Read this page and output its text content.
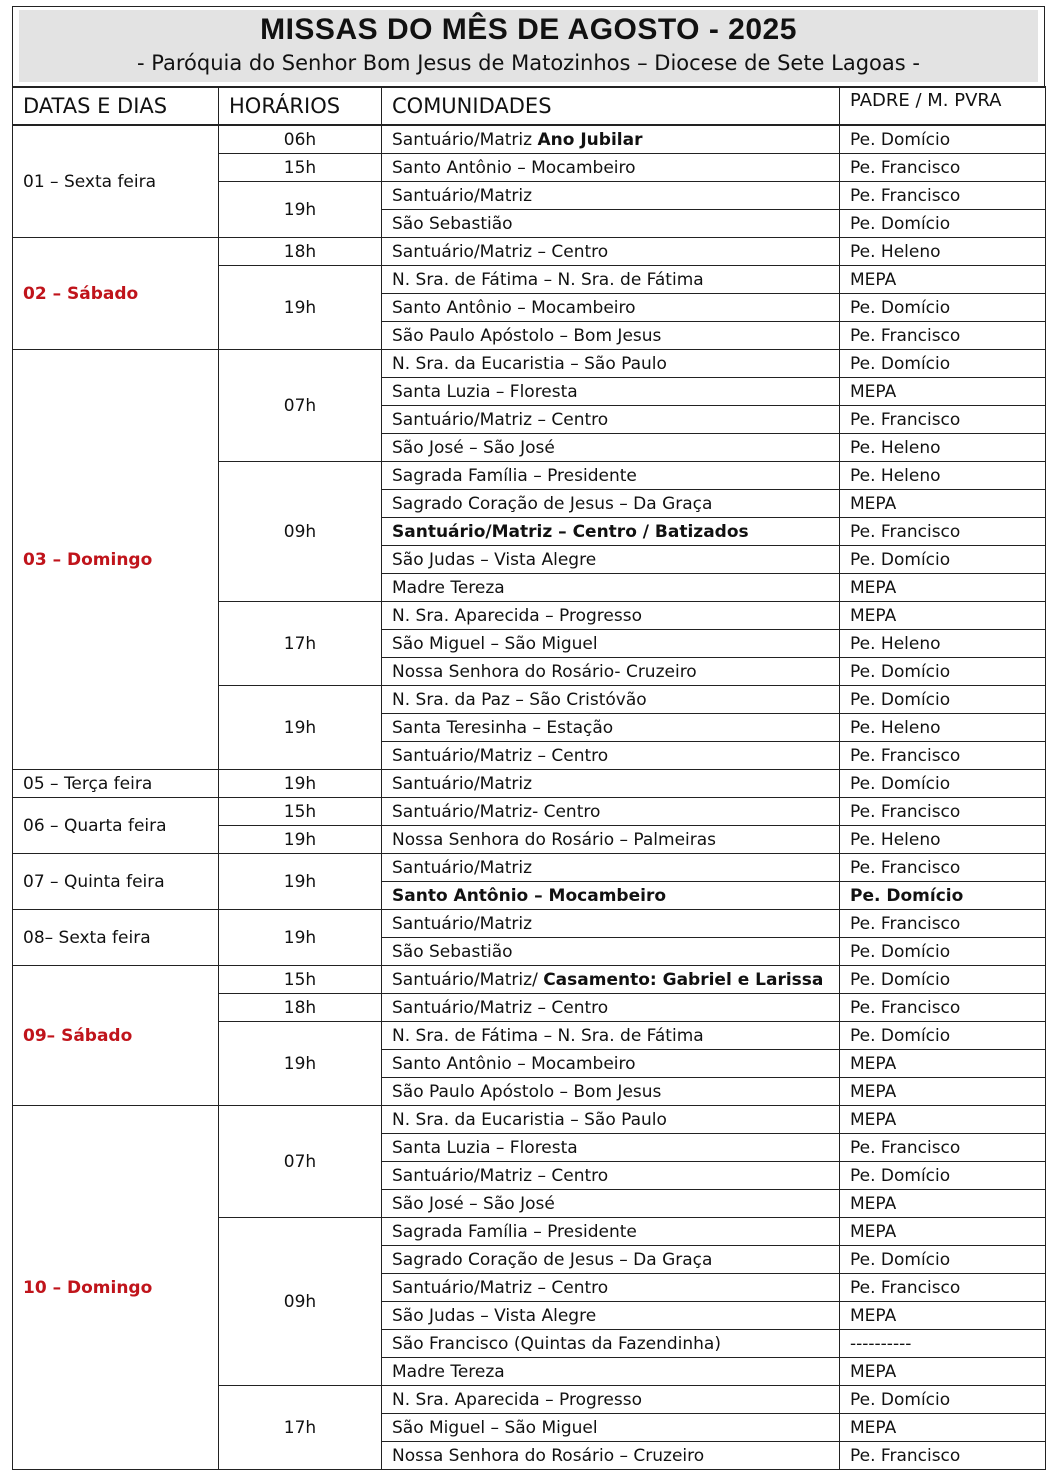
MISSAS DO MÊS DE AGOSTO - 2025
- Paróquia do Senhor Bom Jesus de Matozinhos – Diocese de Sete Lagoas -
DATAS E DIAS	HORÁRIOS	COMUNIDADES	PADRE / M. PVRA
01 – Sexta feira	06h	Santuário/Matriz Ano Jubilar	Pe. Domício
	15h	Santo Antônio – Mocambeiro	Pe. Francisco
	19h	Santuário/Matriz	Pe. Francisco
		São Sebastião	Pe. Domício
02 – Sábado	18h	Santuário/Matriz – Centro	Pe. Heleno
	19h	N. Sra. de Fátima – N. Sra. de Fátima	MEPA
		Santo Antônio – Mocambeiro	Pe. Domício
		São Paulo Apóstolo – Bom Jesus	Pe. Francisco
03 – Domingo	07h	N. Sra. da Eucaristia – São Paulo	Pe. Domício
		Santa Luzia – Floresta	MEPA
		Santuário/Matriz – Centro	Pe. Francisco
		São José – São José	Pe. Heleno
	09h	Sagrada Família – Presidente	Pe. Heleno
		Sagrado Coração de Jesus – Da Graça	MEPA
		Santuário/Matriz – Centro / Batizados	Pe. Francisco
		São Judas – Vista Alegre	Pe. Domício
		Madre Tereza	MEPA
	17h	N. Sra. Aparecida – Progresso	MEPA
		São Miguel – São Miguel	Pe. Heleno
		Nossa Senhora do Rosário- Cruzeiro	Pe. Domício
	19h	N. Sra. da Paz – São Cristóvão	Pe. Domício
		Santa Teresinha – Estação	Pe. Heleno
		Santuário/Matriz – Centro	Pe. Francisco
05 – Terça feira	19h	Santuário/Matriz	Pe. Domício
06 – Quarta feira	15h	Santuário/Matriz- Centro	Pe. Francisco
	19h	Nossa Senhora do Rosário – Palmeiras	Pe. Heleno
07 – Quinta feira	19h	Santuário/Matriz	Pe. Francisco
		Santo Antônio – Mocambeiro	Pe. Domício
08– Sexta feira	19h	Santuário/Matriz	Pe. Francisco
		São Sebastião	Pe. Domício
09– Sábado	15h	Santuário/Matriz/ Casamento: Gabriel e Larissa	Pe. Domício
	18h	Santuário/Matriz – Centro	Pe. Francisco
	19h	N. Sra. de Fátima – N. Sra. de Fátima	Pe. Domício
		Santo Antônio – Mocambeiro	MEPA
		São Paulo Apóstolo – Bom Jesus	MEPA
10 – Domingo	07h	N. Sra. da Eucaristia – São Paulo	MEPA
		Santa Luzia – Floresta	Pe. Francisco
		Santuário/Matriz – Centro	Pe. Domício
		São José – São José	MEPA
	09h	Sagrada Família – Presidente	MEPA
		Sagrado Coração de Jesus – Da Graça	Pe. Domício
		Santuário/Matriz – Centro	Pe. Francisco
		São Judas – Vista Alegre	MEPA
		São Francisco (Quintas da Fazendinha)	----------
		Madre Tereza	MEPA
	17h	N. Sra. Aparecida – Progresso	Pe. Domício
		São Miguel – São Miguel	MEPA
		Nossa Senhora do Rosário – Cruzeiro	Pe. Francisco
